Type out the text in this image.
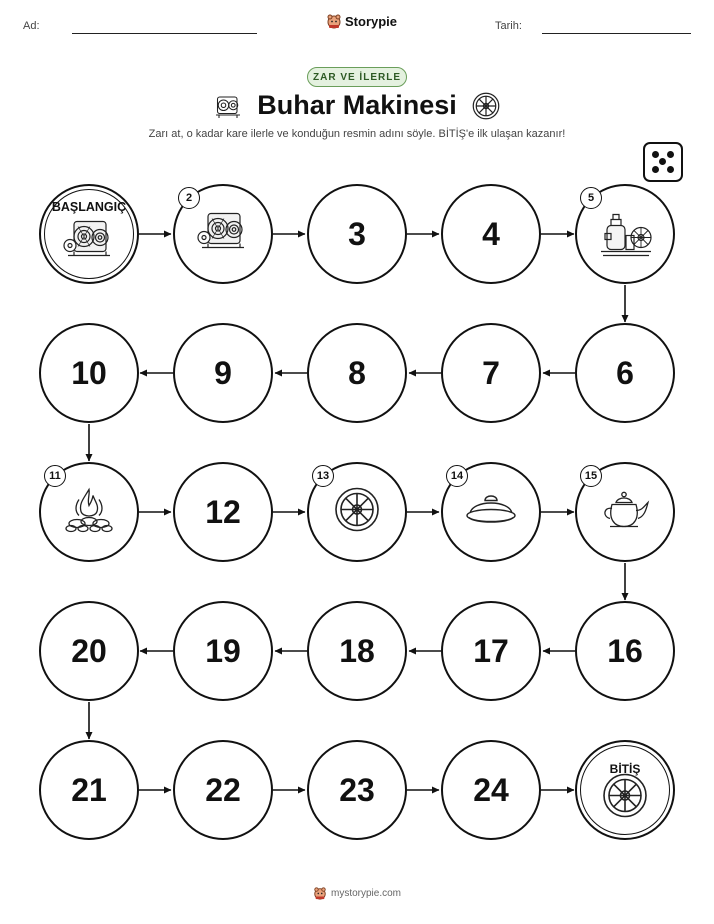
Ad:	Storypie	Tarih:
ZAR VE İLERLE
Buhar Makinesi
Zarı at, o kadar kare ilerle ve konduğun resmin adını söyle. BİTİŞ'e ilk ulaşan kazanır!
BAŞLANGIÇ
2
3	4
5
6
7
8
9
10
11
12
13	14	15
16
17
18
19
20
21	22	23	24
BİTİŞ
mystorypie.com
